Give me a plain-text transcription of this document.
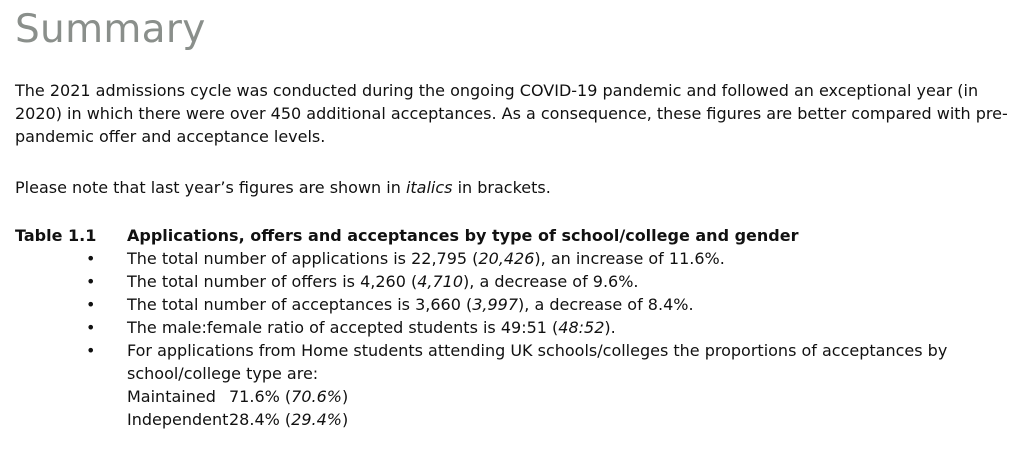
Summary

The 2021 admissions cycle was conducted during the ongoing COVID-19 pandemic and followed an exceptional year (in 2020) in which there were over 450 additional acceptances. As a consequence, these figures are better compared with pre-pandemic offer and acceptance levels.

Please note that last year’s figures are shown in italics in brackets.

Table 1.1 Applications, offers and acceptances by type of school/college and gender
• The total number of applications is 22,795 (20,426), an increase of 11.6%.
• The total number of offers is 4,260 (4,710), a decrease of 9.6%.
• The total number of acceptances is 3,660 (3,997), a decrease of 8.4%.
• The male:female ratio of accepted students is 49:51 (48:52).
• For applications from Home students attending UK schools/colleges the proportions of acceptances by school/college type are:
Maintained 71.6% (70.6%)
Independent 28.4% (29.4%)
